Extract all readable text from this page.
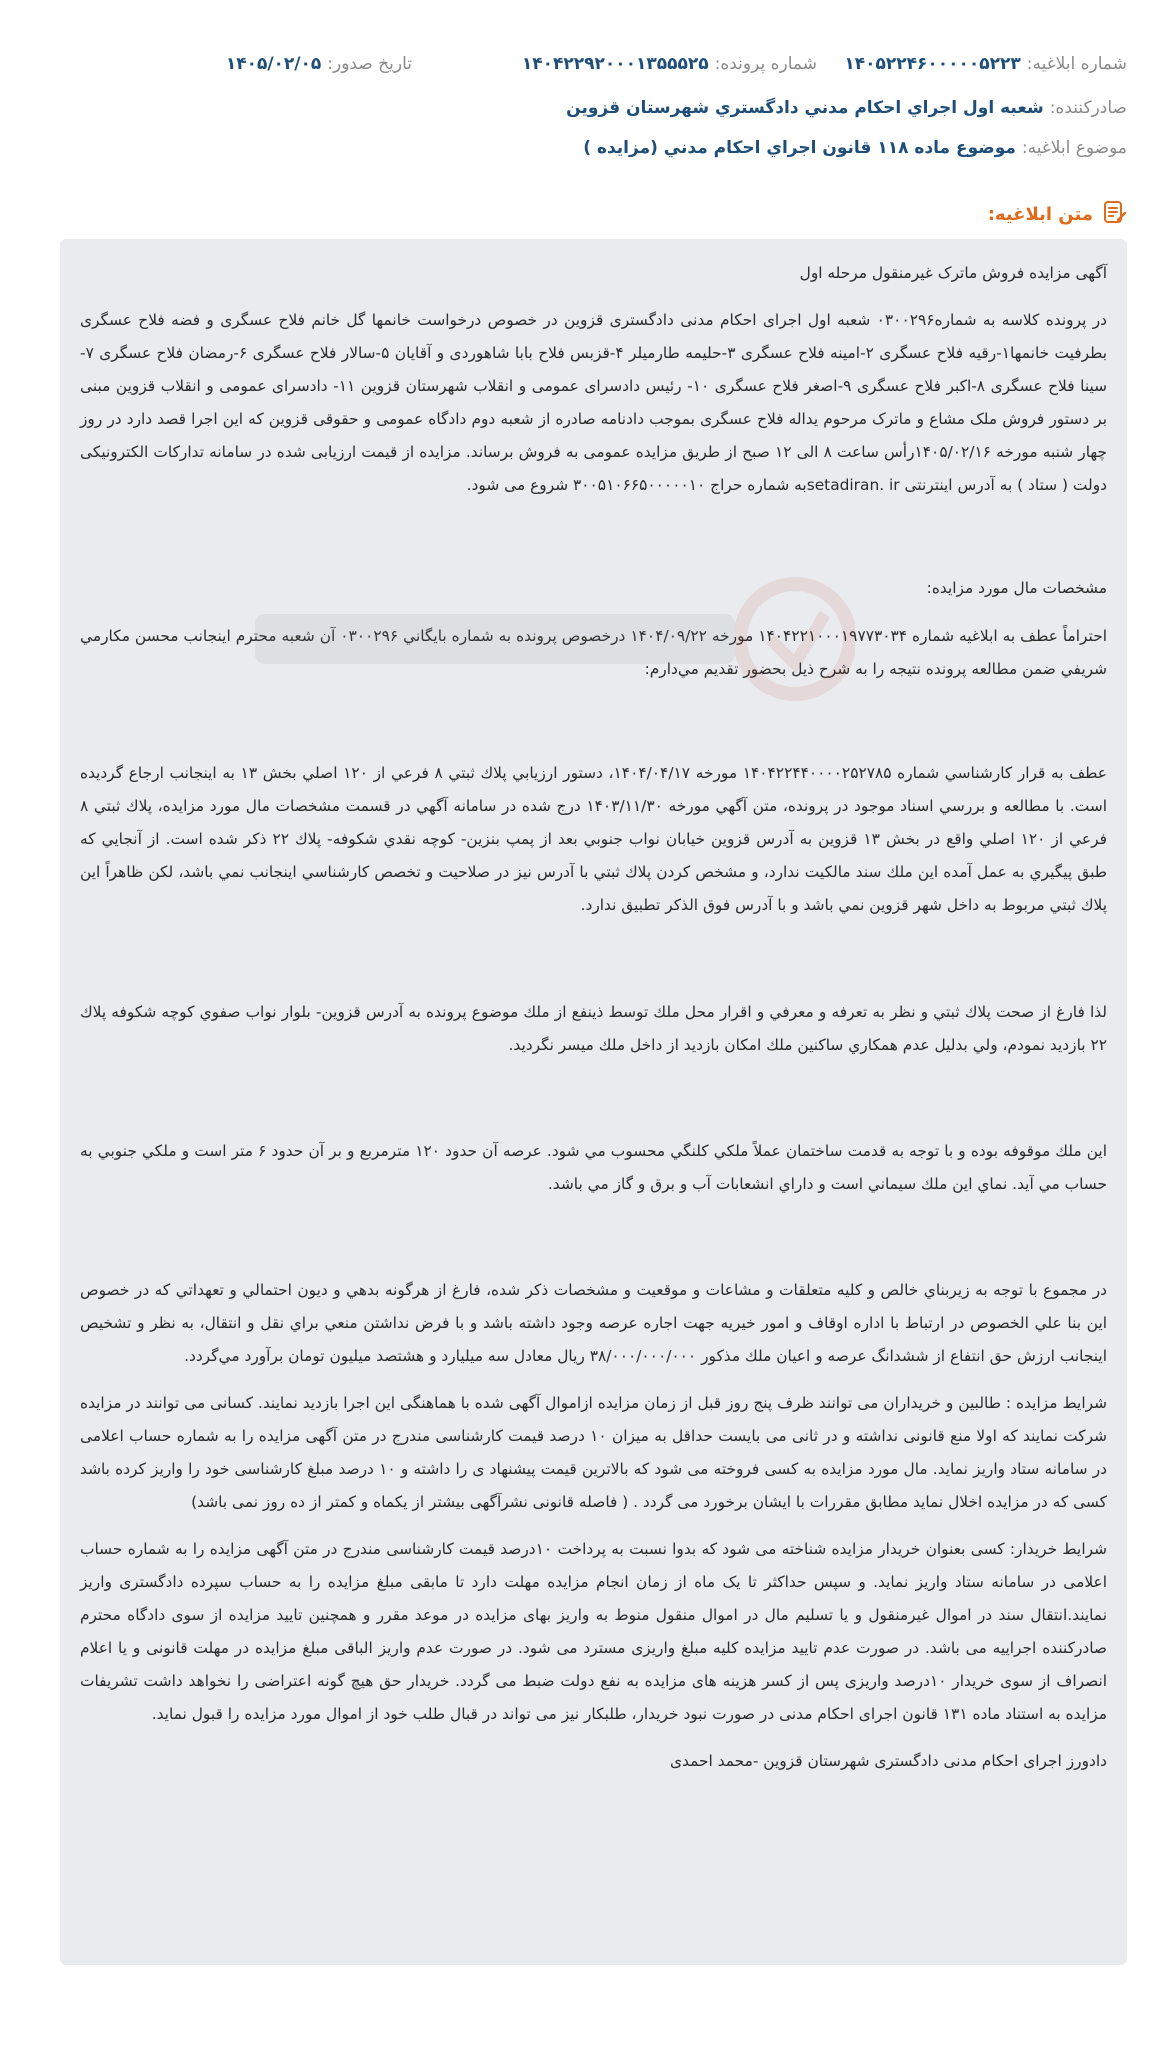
شماره ابلاغیه:
۱۴۰۵۲۲۴۶۰۰۰۰۰۵۲۲۳
شماره پرونده:
۱۴۰۴۲۲۹۲۰۰۰۱۳۵۵۵۲۵
تاریخ صدور:
۱۴۰۵/۰۲/۰۵
صادرکننده:
شعبه اول اجراي احكام مدني دادگستري شهرستان قزوين
موضوع ابلاغیه:
موضوع ماده ۱۱۸ قانون اجراي احكام مدني (مزايده )
متن ابلاغیه:

آگهی مزایده فروش ماترک غیرمنقول مرحله اول

در پرونده کلاسه به شماره۰۳۰۰۲۹۶ شعبه اول اجرای احکام مدنی دادگستری قزوین در خصوص درخواست خانمها گل خانم فلاح عسگری و فضه فلاح عسگری بطرفیت خانمها۱-رقیه فلاح عسگری ۲-امینه فلاح عسگری ۳-حلیمه طارمیلر ۴-قزبس فلاح بابا شاهوردی و آقایان ۵-سالار فلاح عسگری ۶-رمضان فلاح عسگری ۷-سینا فلاح عسگری ۸-اکبر فلاح عسگری ۹-اصغر فلاح عسگری ۱۰- رئیس دادسرای عمومی و انقلاب شهرستان قزوین ۱۱- دادسرای عمومی و انقلاب قزوین مبنی بر دستور فروش ملک مشاع و ماترک مرحوم یداله فلاح عسگری بموجب دادنامه صادره از شعبه دوم دادگاه عمومی و حقوقی قزوین که این اجرا قصد دارد در روز چهار شنبه مورخه ۱۴۰۵/۰۲/۱۶رأس ساعت ۸ الی ۱۲ صبح از طریق مزایده عمومی به فروش برساند. مزایده از قیمت ارزیابی شده در سامانه تدارکات الکترونیکی دولت ( ستاد ) به آدرس اینترنتی setadiran. irبه شماره حراج ۳۰۰۵۱۰۶۶۵۰۰۰۰۰۱۰ شروع می شود.

مشخصات مال مورد مزایده:

احتراماً عطف به ابلاغیه شماره ۱۴۰۴۲۲۱۰۰۰۱۹۷۷۳۰۳۴ مورخه ۱۴۰۴/۰۹/۲۲ درخصوص پرونده به شماره بایگاني ۰۳۰۰۲۹۶ آن شعبه محترم اينجانب محسن مكارمي شريفي ضمن مطالعه پرونده نتيجه را به شرح ذيل بحضور تقديم مي‌دارم:

عطف به قرار كارشناسي شماره ۱۴۰۴۲۲۴۴۰۰۰۰۲۵۲۷۸۵ مورخه ۱۴۰۴/۰۴/۱۷، دستور ارزيابي پلاك ثبتي ۸ فرعي از ۱۲۰ اصلي بخش ۱۳ به اينجانب ارجاع گرديده است. با مطالعه و بررسي اسناد موجود در پرونده، متن آگهي مورخه ۱۴۰۳/۱۱/۳۰ درج شده در سامانه آگهي در قسمت مشخصات مال مورد مزايده، پلاك ثبتي ۸ فرعي از ۱۲۰ اصلي واقع در بخش ۱۳ قزوين به آدرس قزوين خيابان نواب جنوبي بعد از پمپ بنزين- كوچه نقدي شكوفه- پلاك ۲۲ ذكر شده است. از آنجايي كه طبق پيگيري به عمل آمده اين ملك سند مالكيت ندارد، و مشخص كردن پلاك ثبتي با آدرس نيز در صلاحيت و تخصص كارشناسي اينجانب نمي باشد، لكن ظاهراً اين پلاك ثبتي مربوط به داخل شهر قزوين نمي باشد و با آدرس فوق الذكر تطبيق ندارد.

لذا فارغ از صحت پلاك ثبتي و نظر به تعرفه و معرفي و اقرار محل ملك توسط ذينفع از ملك موضوع پرونده به آدرس قزوين- بلوار نواب صفوي كوچه شكوفه پلاك ۲۲ بازديد نمودم، ولي بدليل عدم همكاري ساكنين ملك امكان بازديد از داخل ملك ميسر نگرديد.

اين ملك موقوفه بوده و با توجه به قدمت ساختمان عملاً ملكي كلنگي محسوب مي شود. عرصه آن حدود ۱۲۰ مترمربع و بر آن حدود ۶ متر است و ملكي جنوبي به حساب مي آيد. نماي اين ملك سيماني است و داراي انشعابات آب و برق و گاز مي باشد.

در مجموع با توجه به زيربناي خالص و كليه متعلقات و مشاعات و موقعيت و مشخصات ذكر شده، فارغ از هرگونه بدهي و ديون احتمالي و تعهداتي كه در خصوص اين بنا علي الخصوص در ارتباط با اداره اوقاف و امور خيريه جهت اجاره عرصه وجود داشته باشد و با فرض نداشتن منعي براي نقل و انتقال، به نظر و تشخيص اينجانب ارزش حق انتفاع از ششدانگ عرصه و اعيان ملك مذكور ۳۸/۰۰۰/۰۰۰/۰۰۰ ريال معادل سه ميليارد و هشتصد ميليون تومان برآورد مي‌گردد.

شرایط مزایده : طالبین و خریداران می توانند ظرف پنج روز قبل از زمان مزایده ازاموال آگهی شده با هماهنگی این اجرا بازدید نمایند. کسانی می توانند در مزایده شرکت نمایند که اولا منع قانونی نداشته و در ثانی می بایست حداقل به میزان ۱۰ درصد قیمت کارشناسی مندرج در متن آگهی مزایده را به شماره حساب اعلامی در سامانه ستاد واریز نماید. مال مورد مزایده به کسی فروخته می شود که بالاترین قیمت پیشنهاد ی را داشته و ۱۰ درصد مبلغ کارشناسی خود را واریز کرده باشد کسی که در مزایده اخلال نماید مطابق مقررات با ایشان برخورد می گردد . ( فاصله قانونی نشرآگهی بیشتر از یکماه و کمتر از ده روز نمی باشد)

شرایط خریدار: کسی بعنوان خریدار مزایده شناخته می شود که بدوا نسبت به پرداخت ۱۰درصد قیمت کارشناسی مندرج در متن آگهی مزایده را به شماره حساب اعلامی در سامانه ستاد واریز نماید. و سپس حداکثر تا یک ماه از زمان انجام مزایده مهلت دارد تا مابقی مبلغ مزایده را به حساب سپرده دادگستری واریز نمایند.انتقال سند در اموال غیرمنقول و یا تسلیم مال در اموال منقول منوط به واریز بهای مزایده در موعد مقرر و همچنین تایید مزایده از سوی دادگاه محترم صادرکننده اجراییه می باشد. در صورت عدم تایید مزایده کلیه مبلغ واریزی مسترد می شود. در صورت عدم واریز الباقی مبلغ مزایده در مهلت قانونی و یا اعلام انصراف از سوی خریدار ۱۰درصد واریزی پس از کسر هزینه های مزایده به نفع دولت ضبط می گردد. خریدار حق هیچ گونه اعتراضی را نخواهد داشت تشریفات مزایده به استناد ماده ۱۳۱ قانون اجرای احکام مدنی در صورت نبود خریدار، طلبکار نیز می تواند در قبال طلب خود از اموال مورد مزایده را قبول نماید.

دادورز اجرای احکام مدنی دادگستری شهرستان قزوین -محمد احمدی
